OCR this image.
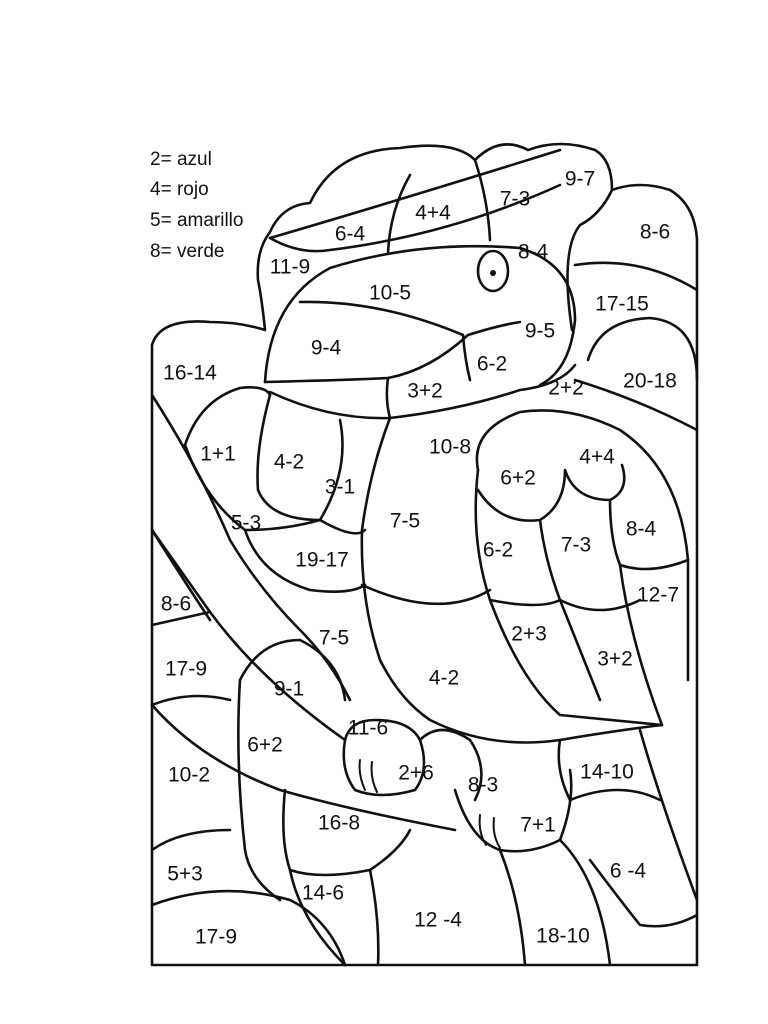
2= azul
4= rojo
5= amarillo
8= verde
9-7
7-3
4+4
6-4	8-6
8-4
11-9
10-5	17-15
9-5
16-14
9-4
6-2
3+2	2+2 20-18
10-8
1+1 4-2
6+2
4+4
3-1
5-3	7-5	8-4
6-2 7-3
19-17
12-7
8-6
2+3
7-5
3+2
17-9	4-2
9-1
11-6
6+2
10-2	2+6
8-3
14-10
16-8	7+1
5+3	6 -4
14-6
12 -4
17-9	18-10
